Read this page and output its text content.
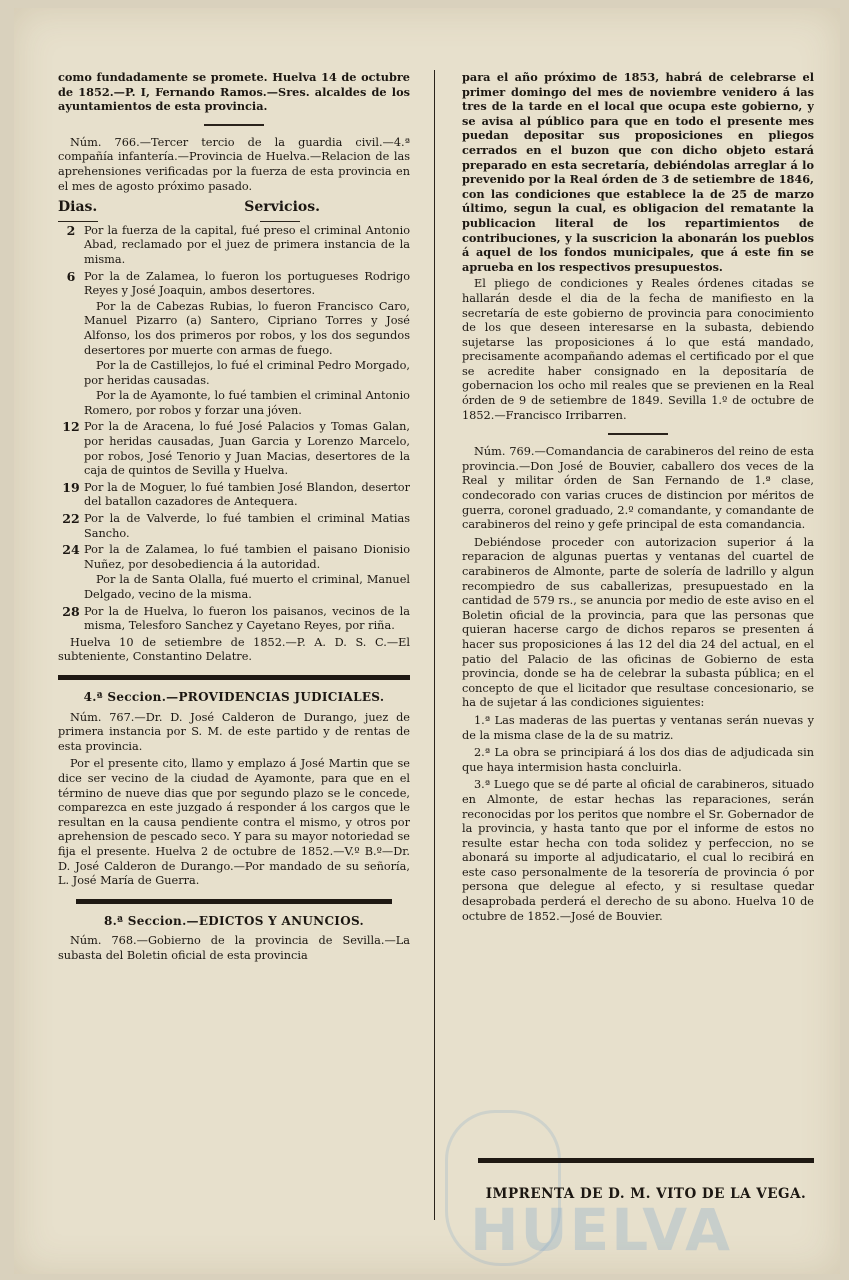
como fundadamente se promete. Huelva 14 de octubre de 1852.—P. I, Fernando Ramos.—Sres. alcaldes de los ayuntamientos de esta provincia.

Núm. 766.—Tercer tercio de la guardia civil.—4.ª compañía infantería.—Provincia de Huelva.—Relacion de las aprehensiones verificadas por la fuerza de esta provincia en el mes de agosto próximo pasado.

Dias.	Servicios.
2 Por la fuerza de la capital, fué preso el criminal Antonio Abad, reclamado por el juez de primera instancia de la misma.

6 Por la de Zalamea, lo fueron los portugueses Rodrigo Reyes y José Joaquin, ambos desertores.

Por la de Cabezas Rubias, lo fueron Francisco Caro, Manuel Pizarro (a) Santero, Cipriano Torres y José Alfonso, los dos primeros por robos, y los dos segundos desertores por muerte con armas de fuego.

Por la de Castillejos, lo fué el criminal Pedro Morgado, por heridas causadas.

Por la de Ayamonte, lo fué tambien el criminal Antonio Romero, por robos y forzar una jóven.

12 Por la de Aracena, lo fué José Palacios y Tomas Galan, por heridas causadas, Juan Garcia y Lorenzo Marcelo, por robos, José Tenorio y Juan Macias, desertores de la caja de quintos de Sevilla y Huelva.

19 Por la de Moguer, lo fué tambien José Blandon, desertor del batallon cazadores de Antequera.

22 Por la de Valverde, lo fué tambien el criminal Matias Sancho.

24 Por la de Zalamea, lo fué tambien el paisano Dionisio Nuñez, por desobediencia á la autoridad.

Por la de Santa Olalla, fué muerto el criminal, Manuel Delgado, vecino de la misma.

28 Por la de Huelva, lo fueron los paisanos, vecinos de la misma, Telesforo Sanchez y Cayetano Reyes, por riña.

Huelva 10 de setiembre de 1852.—P. A. D. S. C.—El subteniente, Constantino Delatre.

4.ª Seccion.—PROVIDENCIAS JUDICIALES.

Núm. 767.—Dr. D. José Calderon de Durango, juez de primera instancia por S. M. de este partido y de rentas de esta provincia.

Por el presente cito, llamo y emplazo á José Martin que se dice ser vecino de la ciudad de Ayamonte, para que en el término de nueve dias que por segundo plazo se le concede, comparezca en este juzgado á responder á los cargos que le resultan en la causa pendiente contra el mismo, y otros por aprehension de pescado seco. Y para su mayor notoriedad se fija el presente. Huelva 2 de octubre de 1852.—V.º B.º—Dr. D. José Calderon de Durango.—Por mandado de su señoría, L. José María de Guerra.

8.ª Seccion.—EDICTOS Y ANUNCIOS.

Núm. 768.—Gobierno de la provincia de Sevilla.—La subasta del Boletin oficial de esta provincia

para el año próximo de 1853, habrá de celebrarse el primer domingo del mes de noviembre venidero á las tres de la tarde en el local que ocupa este gobierno, y se avisa al público para que en todo el presente mes puedan depositar sus proposiciones en pliegos cerrados en el buzon que con dicho objeto estará preparado en esta secretaría, debiéndolas arreglar á lo prevenido por la Real órden de 3 de setiembre de 1846, con las condiciones que establece la de 25 de marzo último, segun la cual, es obligacion del rematante la publicacion literal de los repartimientos de contribuciones, y la suscricion la abonarán los pueblos á aquel de los fondos municipales, que á este fin se aprueba en los respectivos presupuestos.

El pliego de condiciones y Reales órdenes citadas se hallarán desde el dia de la fecha de manifiesto en la secretaría de este gobierno de provincia para conocimiento de los que deseen interesarse en la subasta, debiendo sujetarse las proposiciones á lo que está mandado, precisamente acompañando ademas el certificado por el que se acredite haber consignado en la depositaría de gobernacion los ocho mil reales que se previenen en la Real órden de 9 de setiembre de 1849. Sevilla 1.º de octubre de 1852.—Francisco Irribarren.

Núm. 769.—Comandancia de carabineros del reino de esta provincia.—Don José de Bouvier, caballero dos veces de la Real y militar órden de San Fernando de 1.ª clase, condecorado con varias cruces de distincion por méritos de guerra, coronel graduado, 2.º comandante, y comandante de carabineros del reino y gefe principal de esta comandancia.

Debiéndose proceder con autorizacion superior á la reparacion de algunas puertas y ventanas del cuartel de carabineros de Almonte, parte de solería de ladrillo y algun recompiedro de sus caballerizas, presupuestado en la cantidad de 579 rs., se anuncia por medio de este aviso en el Boletin oficial de la provincia, para que las personas que quieran hacerse cargo de dichos reparos se presenten á hacer sus proposiciones á las 12 del dia 24 del actual, en el patio del Palacio de las oficinas de Gobierno de esta provincia, donde se ha de celebrar la subasta pública; en el concepto de que el licitador que resultase concesionario, se ha de sujetar á las condiciones siguientes:

1.ª Las maderas de las puertas y ventanas serán nuevas y de la misma clase de la de su matriz.

2.ª La obra se principiará á los dos dias de adjudicada sin que haya intermision hasta concluirla.

3.ª Luego que se dé parte al oficial de carabineros, situado en Almonte, de estar hechas las reparaciones, serán reconocidas por los peritos que nombre el Sr. Gobernador de la provincia, y hasta tanto que por el informe de estos no resulte estar hecha con toda solidez y perfeccion, no se abonará su importe al adjudicatario, el cual lo recibirá en este caso personalmente de la tesorería de provincia ó por persona que delegue al efecto, y si resultase quedar desaprobada perderá el derecho de su abono. Huelva 10 de octubre de 1852.—José de Bouvier.

HUELVA
IMPRENTA DE D. M. VITO DE LA VEGA.
